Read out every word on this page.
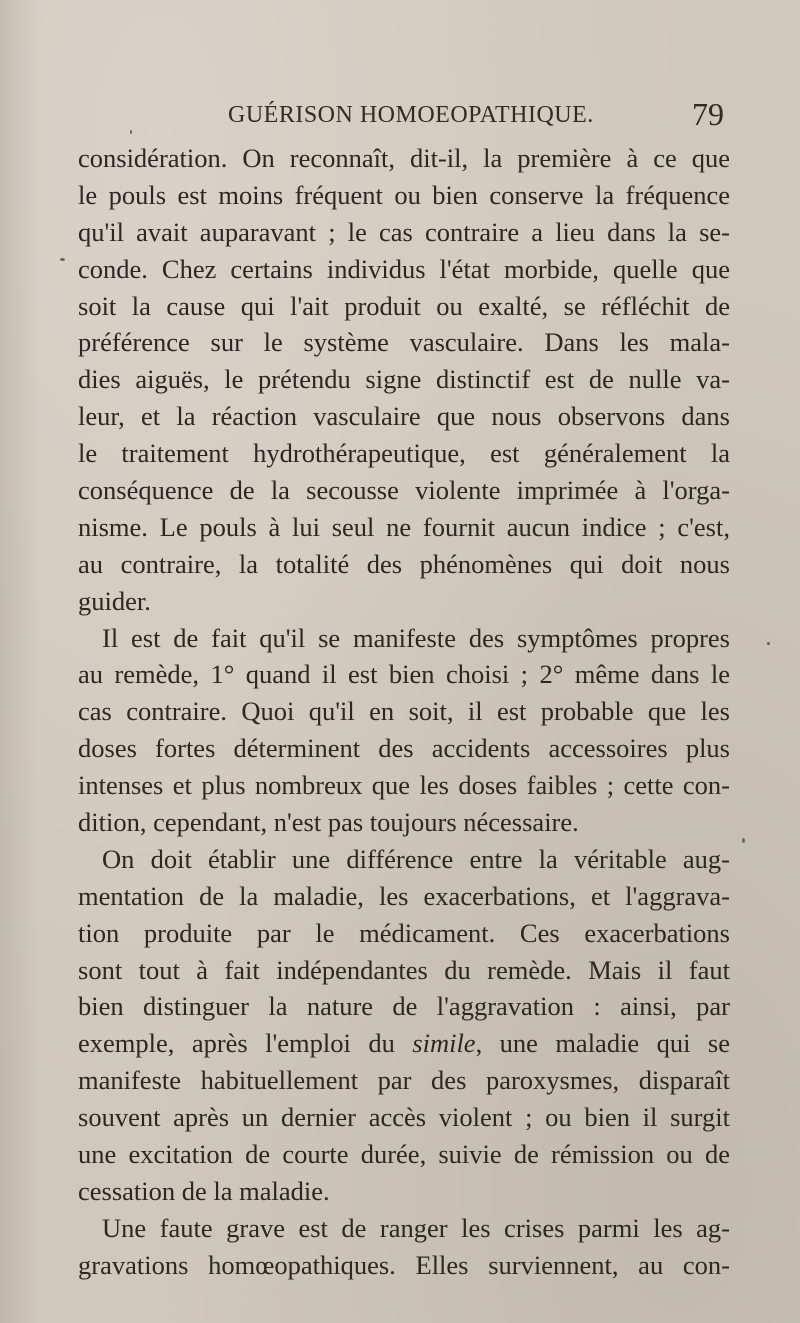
GUÉRISON HOMOEOPATHIQUE.	79
considération. On reconnaît, dit-il, la première à ce que
le pouls est moins fréquent ou bien conserve la fréquence
qu'il avait auparavant ; le cas contraire a lieu dans la se-
conde. Chez certains individus l'état morbide, quelle que
soit la cause qui l'ait produit ou exalté, se réfléchit de
préférence sur le système vasculaire. Dans les mala-
dies aiguës, le prétendu signe distinctif est de nulle va-
leur, et la réaction vasculaire que nous observons dans
le traitement hydrothérapeutique, est généralement la
conséquence de la secousse violente imprimée à l'orga-
nisme. Le pouls à lui seul ne fournit aucun indice ; c'est,
au contraire, la totalité des phénomènes qui doit nous
guider.
Il est de fait qu'il se manifeste des symptômes propres
au remède, 1° quand il est bien choisi ; 2° même dans le
cas contraire. Quoi qu'il en soit, il est probable que les
doses fortes déterminent des accidents accessoires plus
intenses et plus nombreux que les doses faibles ; cette con-
dition, cependant, n'est pas toujours nécessaire.
On doit établir une différence entre la véritable aug-
mentation de la maladie, les exacerbations, et l'aggrava-
tion produite par le médicament. Ces exacerbations
sont tout à fait indépendantes du remède. Mais il faut
bien distinguer la nature de l'aggravation : ainsi, par
exemple, après l'emploi du simile, une maladie qui se
manifeste habituellement par des paroxysmes, disparaît
souvent après un dernier accès violent ; ou bien il surgit
une excitation de courte durée, suivie de rémission ou de
cessation de la maladie.
Une faute grave est de ranger les crises parmi les ag-
gravations homœopathiques. Elles surviennent, au con-
